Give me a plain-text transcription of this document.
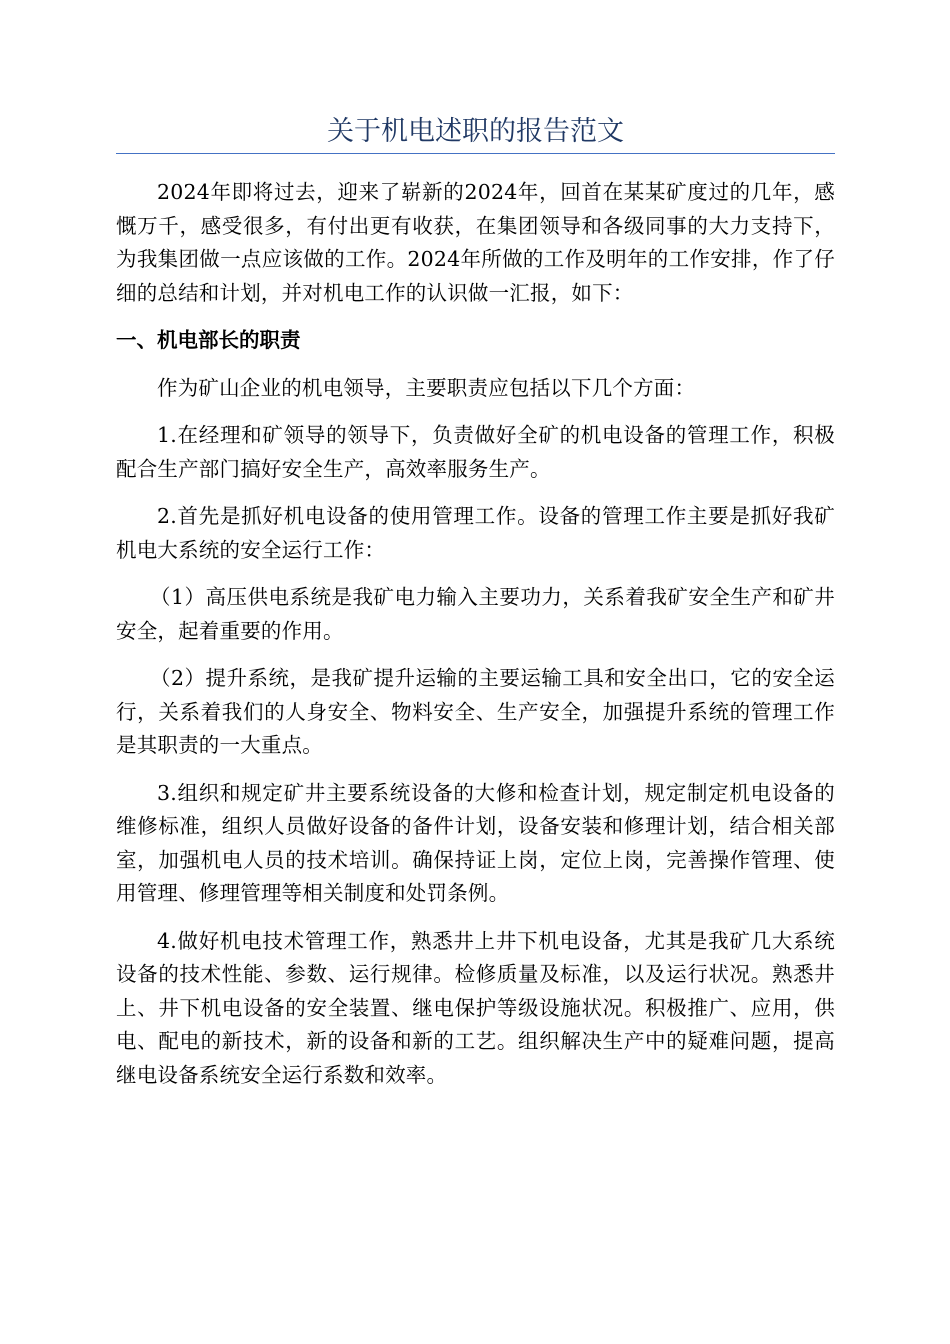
关于机电述职的报告范文

2024年即将过去，迎来了崭新的2024年，回首在某某矿度过的几年，感慨万千，感受很多，有付出更有收获，在集团领导和各级同事的大力支持下，为我集团做一点应该做的工作。2024年所做的工作及明年的工作安排，作了仔细的总结和计划，并对机电工作的认识做一汇报，如下：

一、机电部长的职责

作为矿山企业的机电领导，主要职责应包括以下几个方面：

1.在经理和矿领导的领导下，负责做好全矿的机电设备的管理工作，积极配合生产部门搞好安全生产，高效率服务生产。

2.首先是抓好机电设备的使用管理工作。设备的管理工作主要是抓好我矿机电大系统的安全运行工作：

（1）高压供电系统是我矿电力输入主要功力，关系着我矿安全生产和矿井安全，起着重要的作用。

（2）提升系统，是我矿提升运输的主要运输工具和安全出口，它的安全运行，关系着我们的人身安全、物料安全、生产安全，加强提升系统的管理工作是其职责的一大重点。

3.组织和规定矿井主要系统设备的大修和检查计划，规定制定机电设备的维修标准，组织人员做好设备的备件计划，设备安装和修理计划，结合相关部室，加强机电人员的技术培训。确保持证上岗，定位上岗，完善操作管理、使用管理、修理管理等相关制度和处罚条例。

4.做好机电技术管理工作，熟悉井上井下机电设备，尤其是我矿几大系统设备的技术性能、参数、运行规律。检修质量及标准，以及运行状况。熟悉井上、井下机电设备的安全装置、继电保护等级设施状况。积极推广、应用，供电、配电的新技术，新的设备和新的工艺。组织解决生产中的疑难问题，提高继电设备系统安全运行系数和效率。
